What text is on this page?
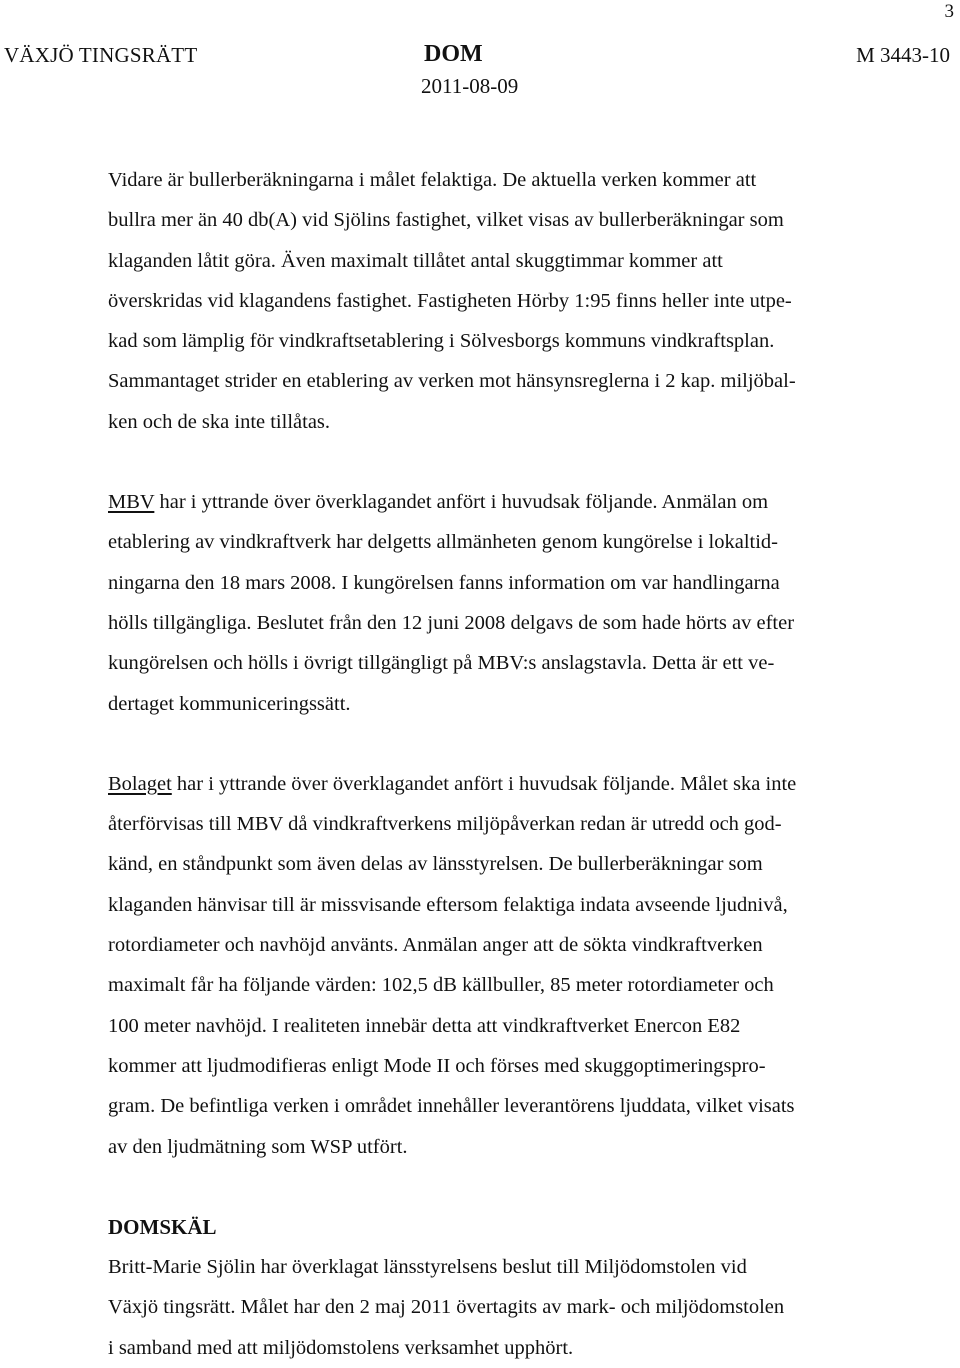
3
VÄXJÖ TINGSRÄTT	DOM
2011-08-09
M 3443-10
Vidare är bullerberäkningarna i målet felaktiga. De aktuella verken kommer att
bullra mer än 40 db(A) vid Sjölins fastighet, vilket visas av bullerberäkningar som
klaganden låtit göra. Även maximalt tillåtet antal skuggtimmar kommer att
överskridas vid klagandens fastighet. Fastigheten Hörby 1:95 finns heller inte utpe-
kad som lämplig för vindkraftsetablering i Sölvesborgs kommuns vindkraftsplan.
Sammantaget strider en etablering av verken mot hänsynsreglerna i 2 kap. miljöbal-
ken och de ska inte tillåtas.
MBV har i yttrande över överklagandet anfört i huvudsak följande. Anmälan om
etablering av vindkraftverk har delgetts allmänheten genom kungörelse i lokaltid-
ningarna den 18 mars 2008. I kungörelsen fanns information om var handlingarna
hölls tillgängliga. Beslutet från den 12 juni 2008 delgavs de som hade hörts av efter
kungörelsen och hölls i övrigt tillgängligt på MBV:s anslagstavla. Detta är ett ve-
dertaget kommuniceringssätt.
Bolaget har i yttrande över överklagandet anfört i huvudsak följande. Målet ska inte
återförvisas till MBV då vindkraftverkens miljöpåverkan redan är utredd och god-
känd, en ståndpunkt som även delas av länsstyrelsen. De bullerberäkningar som
klaganden hänvisar till är missvisande eftersom felaktiga indata avseende ljudnivå,
rotordiameter och navhöjd använts. Anmälan anger att de sökta vindkraftverken
maximalt får ha följande värden: 102,5 dB källbuller, 85 meter rotordiameter och
100 meter navhöjd. I realiteten innebär detta att vindkraftverket Enercon E82
kommer att ljudmodifieras enligt Mode II och förses med skuggoptimeringspro-
gram. De befintliga verken i området innehåller leverantörens ljuddata, vilket visats
av den ljudmätning som WSP utfört.
DOMSKÄL
Britt-Marie Sjölin har överklagat länsstyrelsens beslut till Miljödomstolen vid
Växjö tingsrätt. Målet har den 2 maj 2011 övertagits av mark- och miljödomstolen
i samband med att miljödomstolens verksamhet upphört.
